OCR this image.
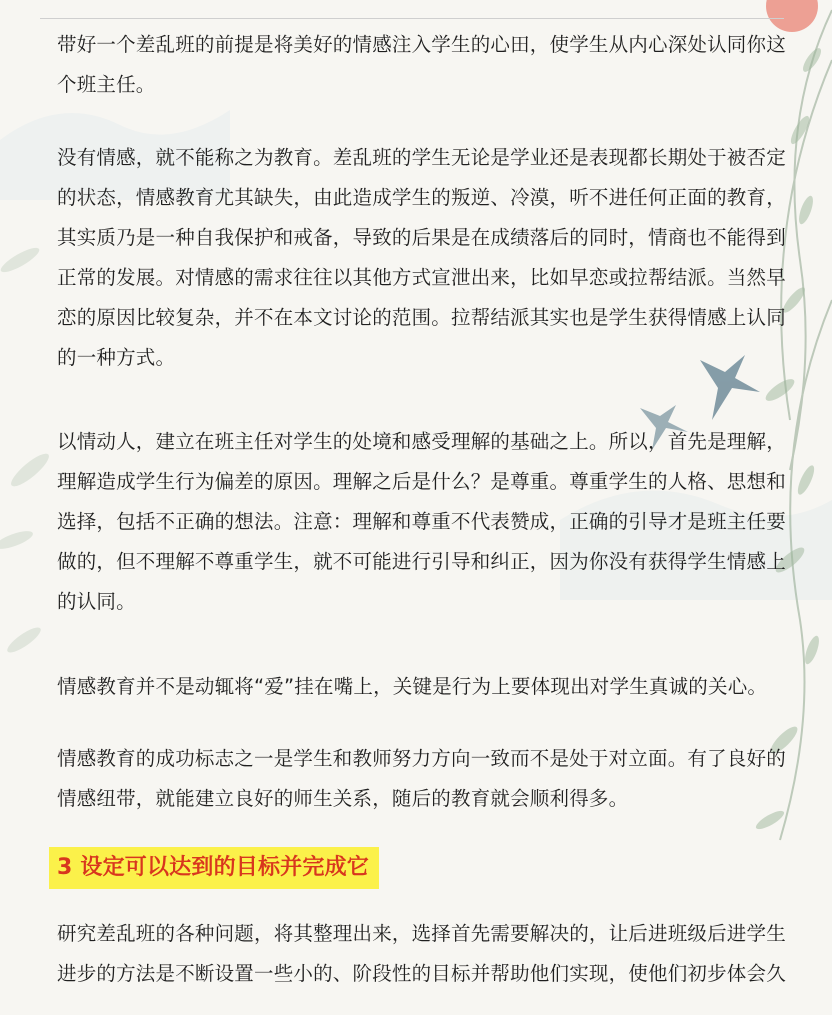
带好一个差乱班的前提是将美好的情感注入学生的心田，使学生从内心深处认同你这个班主任。

没有情感，就不能称之为教育。差乱班的学生无论是学业还是表现都长期处于被否定的状态，情感教育尤其缺失，由此造成学生的叛逆、冷漠，听不进任何正面的教育，其实质乃是一种自我保护和戒备，导致的后果是在成绩落后的同时，情商也不能得到正常的发展。对情感的需求往往以其他方式宣泄出来，比如早恋或拉帮结派。当然早恋的原因比较复杂，并不在本文讨论的范围。拉帮结派其实也是学生获得情感上认同的一种方式。

以情动人，建立在班主任对学生的处境和感受理解的基础之上。所以，首先是理解，理解造成学生行为偏差的原因。理解之后是什么？是尊重。尊重学生的人格、思想和选择，包括不正确的想法。注意：理解和尊重不代表赞成，正确的引导才是班主任要做的，但不理解不尊重学生，就不可能进行引导和纠正，因为你没有获得学生情感上的认同。

情感教育并不是动辄将“爱”挂在嘴上，关键是行为上要体现出对学生真诚的关心。

情感教育的成功标志之一是学生和教师努力方向一致而不是处于对立面。有了良好的情感纽带，就能建立良好的师生关系，随后的教育就会顺利得多。

3 设定可以达到的目标并完成它

研究差乱班的各种问题，将其整理出来，选择首先需要解决的，让后进班级后进学生进步的方法是不断设置一些小的、阶段性的目标并帮助他们实现，使他们初步体会久
